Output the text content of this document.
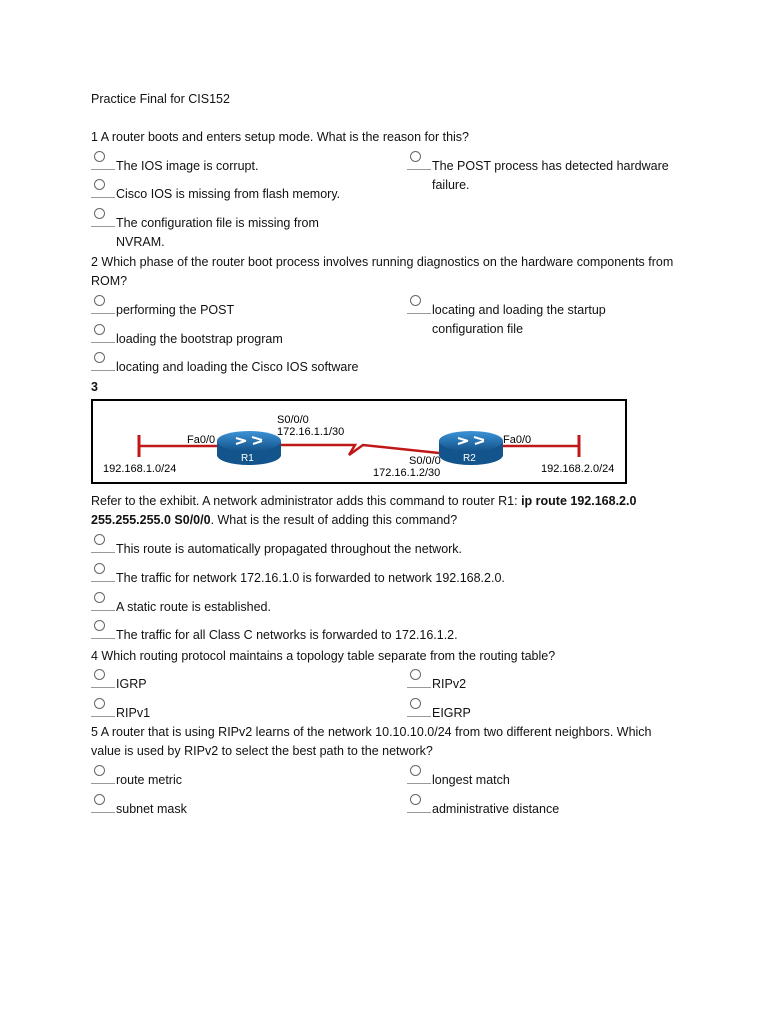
Practice Final for CIS152
1 A router boots and enters setup mode. What is the reason for this?
The IOS image is corrupt.
Cisco IOS is missing from flash memory.
The configuration file is missing from NVRAM.
The POST process has detected hardware failure.
2 Which phase of the router boot process involves running diagnostics on the hardware components from ROM?
performing the POST
loading the bootstrap program
locating and loading the Cisco IOS software
locating and loading the startup configuration file
3
192.168.1.0/24
Fa0/0
R1
S0/0/0
172.16.1.1/30
S0/0/0
172.16.1.2/30
R2
Fa0/0
192.168.2.0/24
Refer to the exhibit. A network administrator adds this command to router R1: ip route 192.168.2.0 255.255.255.0 S0/0/0. What is the result of adding this command?
This route is automatically propagated throughout the network.
The traffic for network 172.16.1.0 is forwarded to network 192.168.2.0.
A static route is established.
The traffic for all Class C networks is forwarded to 172.16.1.2.
4 Which routing protocol maintains a topology table separate from the routing table?
IGRP
RIPv1
RIPv2
EIGRP
5 A router that is using RIPv2 learns of the network 10.10.10.0/24 from two different neighbors. Which value is used by RIPv2 to select the best path to the network?
route metric
subnet mask
longest match
administrative distance
